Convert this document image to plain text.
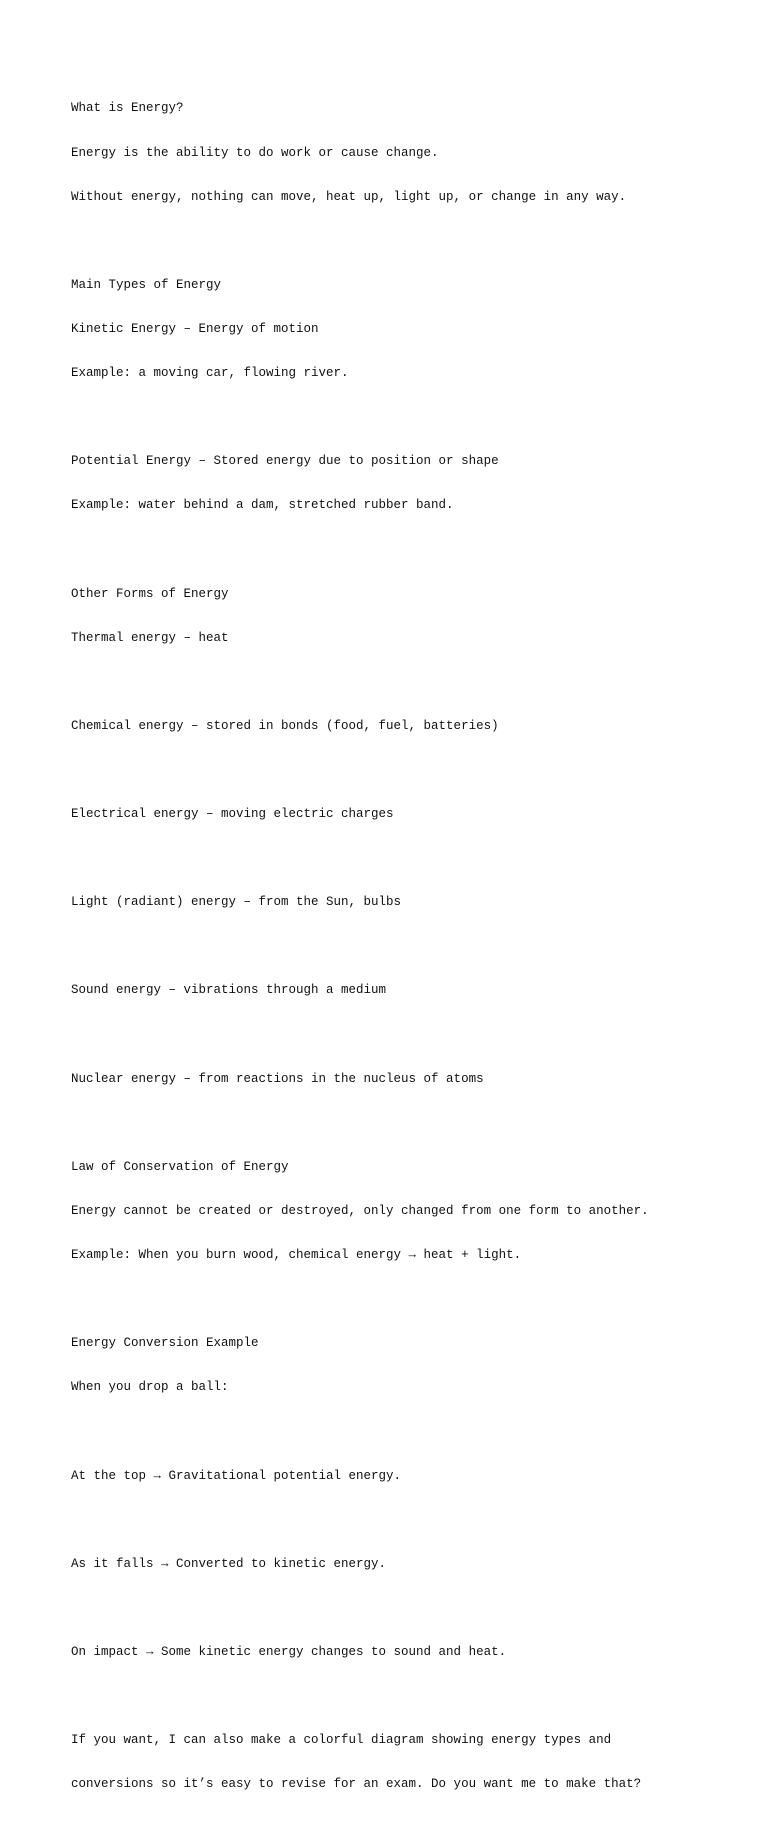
What is Energy?

Energy is the ability to do work or cause change.

Without energy, nothing can move, heat up, light up, or change in any way.

Main Types of Energy

Kinetic Energy – Energy of motion

Example: a moving car, flowing river.

Potential Energy – Stored energy due to position or shape

Example: water behind a dam, stretched rubber band.

Other Forms of Energy

Thermal energy – heat

Chemical energy – stored in bonds (food, fuel, batteries)

Electrical energy – moving electric charges

Light (radiant) energy – from the Sun, bulbs

Sound energy – vibrations through a medium

Nuclear energy – from reactions in the nucleus of atoms

Law of Conservation of Energy

Energy cannot be created or destroyed, only changed from one form to another.

Example: When you burn wood, chemical energy → heat + light.

Energy Conversion Example

When you drop a ball:

At the top → Gravitational potential energy.

As it falls → Converted to kinetic energy.

On impact → Some kinetic energy changes to sound and heat.

If you want, I can also make a colorful diagram showing energy types and

conversions so it’s easy to revise for an exam. Do you want me to make that?
